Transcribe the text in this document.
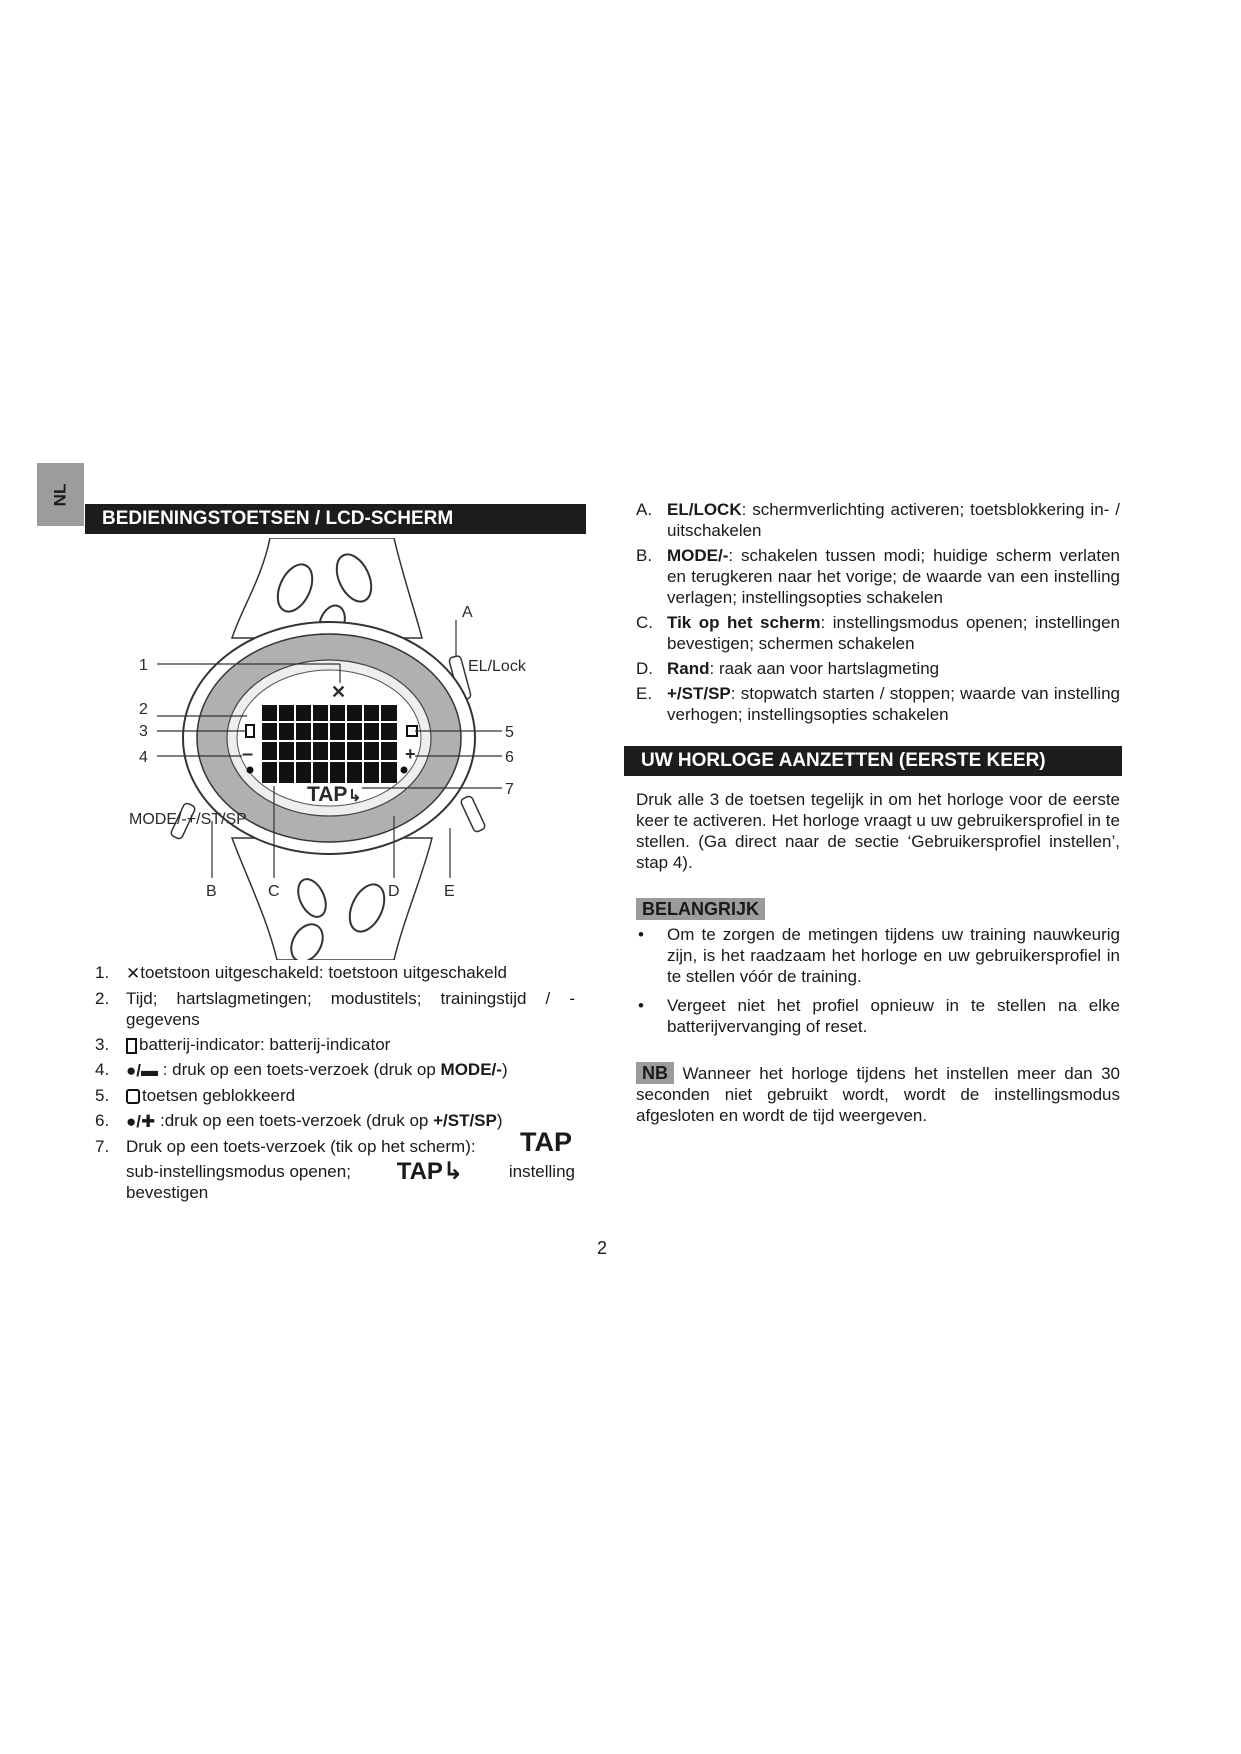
NL
BEDIENINGSTOETSEN / LCD-SCHERM
✕
–	+
TAP ↳
1
2
3
4
5
6
7
A
EL/Lock
MODE/-+/ST/SP
B	C	D	E
1. ✕toetstoon uitgeschakeld: toetstoon uitgeschakeld
2. Tijd; hartslagmetingen; modustitels; trainingstijd / - gegevens
3. batterij-indicator: batterij-indicator
4. ●/▬ : druk op een toets-verzoek (druk op MODE/-)
5. toetsen geblokkeerd
6. ●/✚ :druk op een toets-verzoek (druk op +/ST/SP)
7. Druk op een toets-verzoek (tik op het scherm): TAP
sub-instellingsmodus openen; TAP↳	instelling
bevestigen
A. EL/LOCK: schermverlichting activeren; toetsblokkering in- / uitschakelen
B. MODE/-: schakelen tussen modi; huidige scherm verlaten en terugkeren naar het vorige; de waarde van een instelling verlagen; instellingsopties schakelen
C. Tik op het scherm: instellingsmodus openen; instellingen bevestigen; schermen schakelen
D. Rand: raak aan voor hartslagmeting
E. +/ST/SP: stopwatch starten / stoppen; waarde van instelling verhogen; instellingsopties schakelen
UW HORLOGE AANZETTEN (EERSTE KEER)
Druk alle 3 de toetsen tegelijk in om het horloge voor de eerste keer te activeren. Het horloge vraagt u uw gebruikersprofiel in te stellen. (Ga direct naar de sectie ‘Gebruikersprofiel instellen’, stap 4).
BELANGRIJK
• Om te zorgen de metingen tijdens uw training nauwkeurig zijn, is het raadzaam het horloge en uw gebruikersprofiel in te stellen vóór de training.
• Vergeet niet het profiel opnieuw in te stellen na elke batterijvervanging of reset.
NB Wanneer het horloge tijdens het instellen meer dan 30 seconden niet gebruikt wordt, wordt de instellingsmodus afgesloten en wordt de tijd weergeven.
2
